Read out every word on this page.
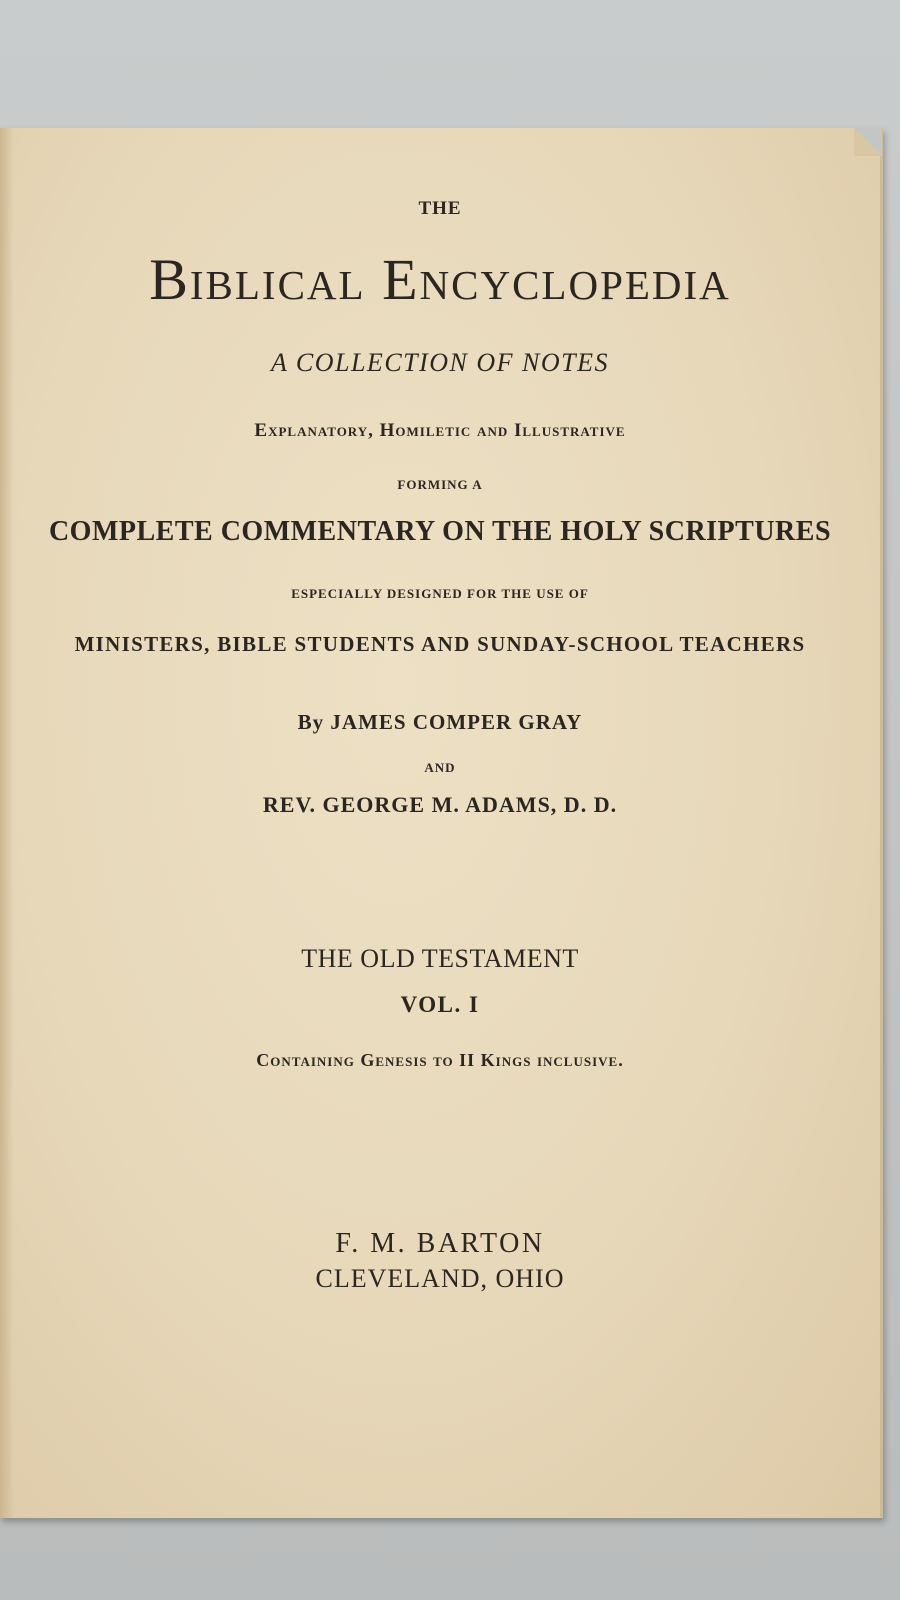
THE
Biblical Encyclopedia
A COLLECTION OF NOTES
Explanatory, Homiletic and Illustrative
FORMING A
COMPLETE COMMENTARY ON THE HOLY SCRIPTURES
ESPECIALLY DESIGNED FOR THE USE OF
MINISTERS, BIBLE STUDENTS AND SUNDAY-SCHOOL TEACHERS
By JAMES COMPER GRAY
AND
REV. GEORGE M. ADAMS, D. D.
THE OLD TESTAMENT
VOL. I
Containing Genesis to II Kings inclusive.
F. M. BARTON
CLEVELAND, OHIO
